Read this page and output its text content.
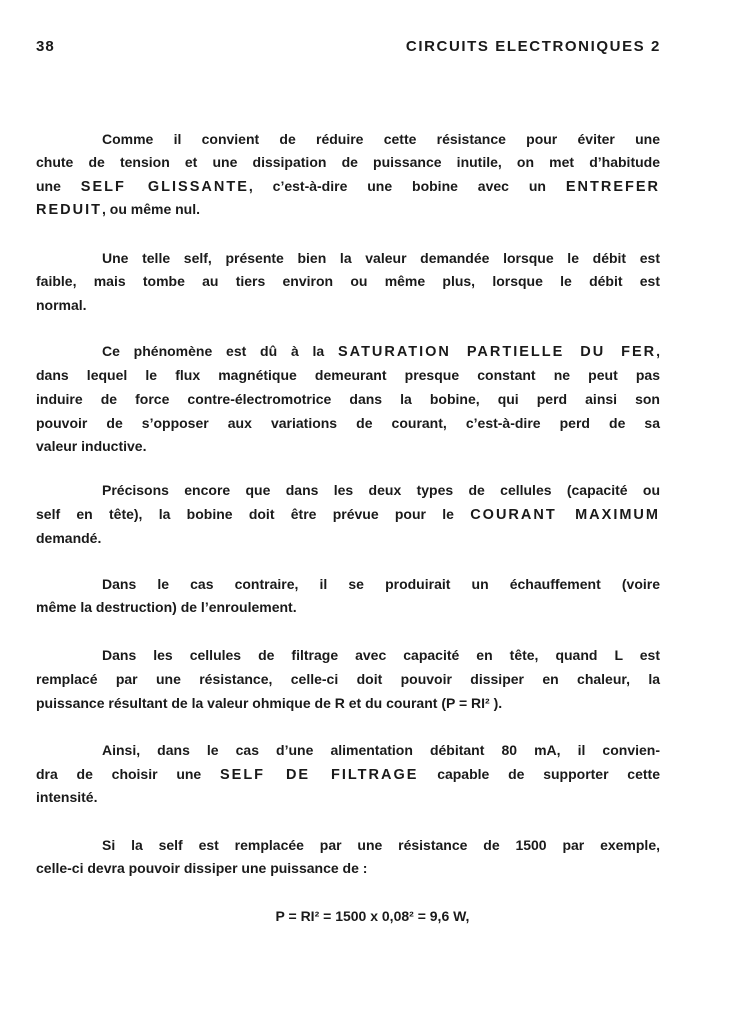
38	CIRCUITS ELECTRONIQUES 2
Comme il convient de réduire cette résistance pour éviter une
chute de tension et une dissipation de puissance inutile, on met d’habitude
une SELF GLISSANTE, c’est-à-dire une bobine avec un ENTREFER
REDUIT, ou même nul.
Une telle self, présente bien la valeur demandée lorsque le débit est
faible, mais tombe au tiers environ ou même plus, lorsque le débit est
normal.
Ce phénomène est dû à la SATURATION PARTIELLE DU FER,
dans lequel le flux magnétique demeurant presque constant ne peut pas
induire de force contre-électromotrice dans la bobine, qui perd ainsi son
pouvoir de s’opposer aux variations de courant, c’est-à-dire perd de sa
valeur inductive.
Précisons encore que dans les deux types de cellules (capacité ou
self en tête), la bobine doit être prévue pour le COURANT MAXIMUM
demandé.
Dans le cas contraire, il se produirait un échauffement (voire
même la destruction) de l’enroulement.
Dans les cellules de filtrage avec capacité en tête, quand L est
remplacé par une résistance, celle-ci doit pouvoir dissiper en chaleur, la
puissance résultant de la valeur ohmique de R et du courant (P = RI² ).
Ainsi, dans le cas d’une alimentation débitant 80 mA, il convien-
dra de choisir une SELF DE FILTRAGE capable de supporter cette
intensité.
Si la self est remplacée par une résistance de 1500 par exemple,
celle-ci devra pouvoir dissiper une puissance de :
P = RI² = 1500 x 0,08² = 9,6 W,
